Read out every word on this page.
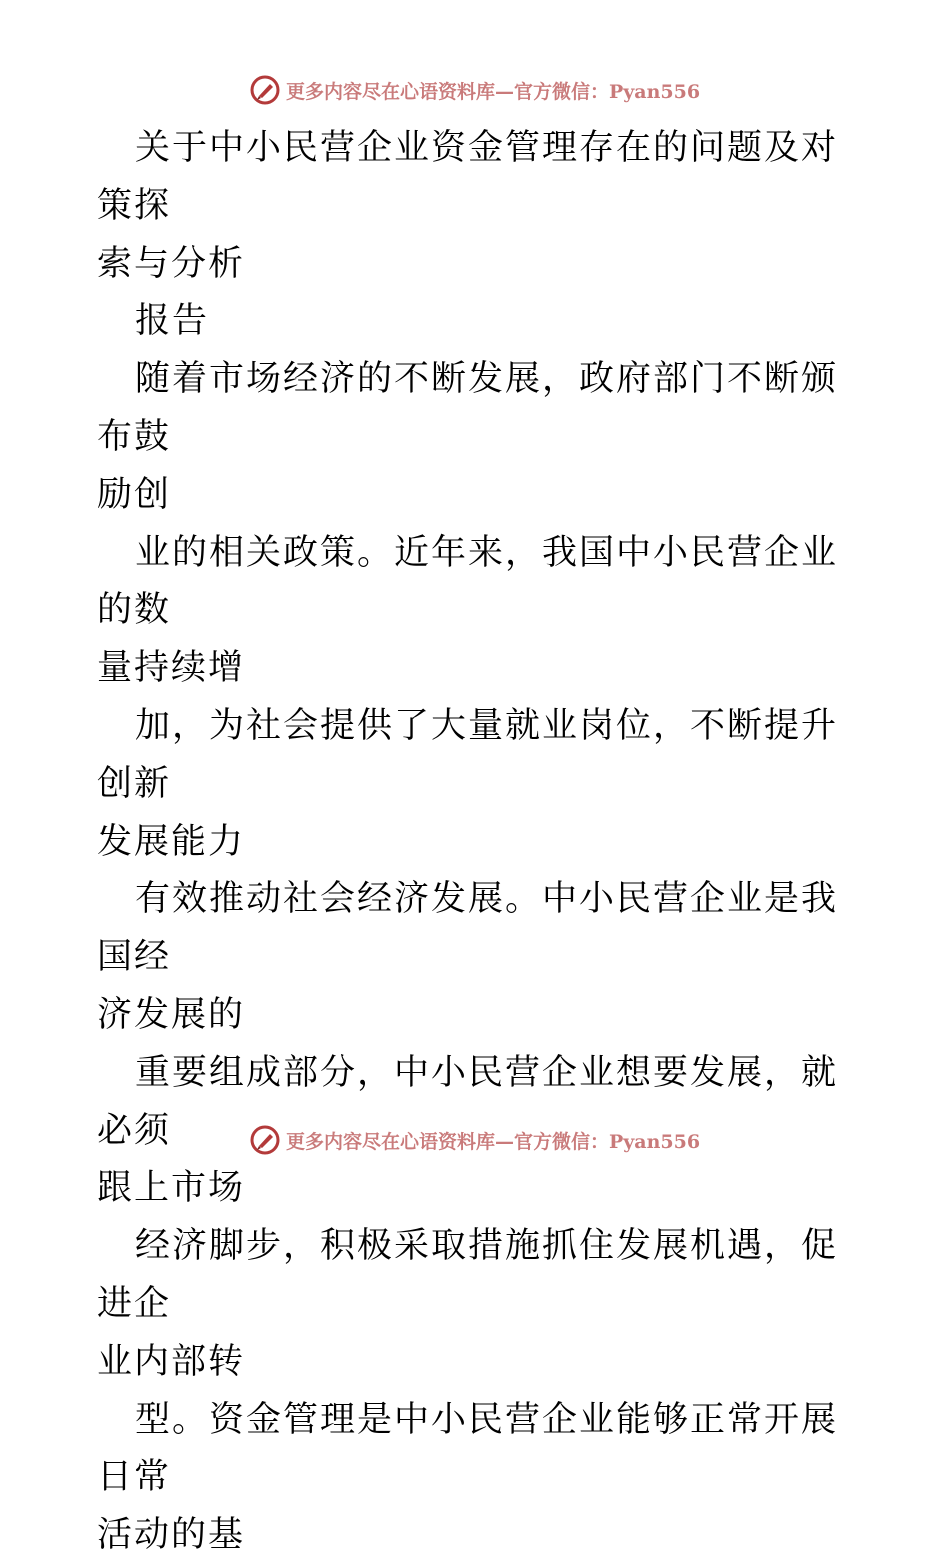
更多内容尽在心语资料库—官方微信：Pyan556

关于中小民营企业资金管理存在的问题及对策探
索与分析

报告

随着市场经济的不断发展，政府部门不断颁布鼓
励创

业的相关政策。近年来，我国中小民营企业的数
量持续增

加，为社会提供了大量就业岗位，不断提升创新
发展能力

有效推动社会经济发展。中小民营企业是我国经
济发展的

重要组成部分，中小民营企业想要发展，就必须
跟上市场

经济脚步，积极采取措施抓住发展机遇，促进企
业内部转

型。资金管理是中小民营企业能够正常开展日常
活动的基

更多内容尽在心语资料库—官方微信：Pyan556
